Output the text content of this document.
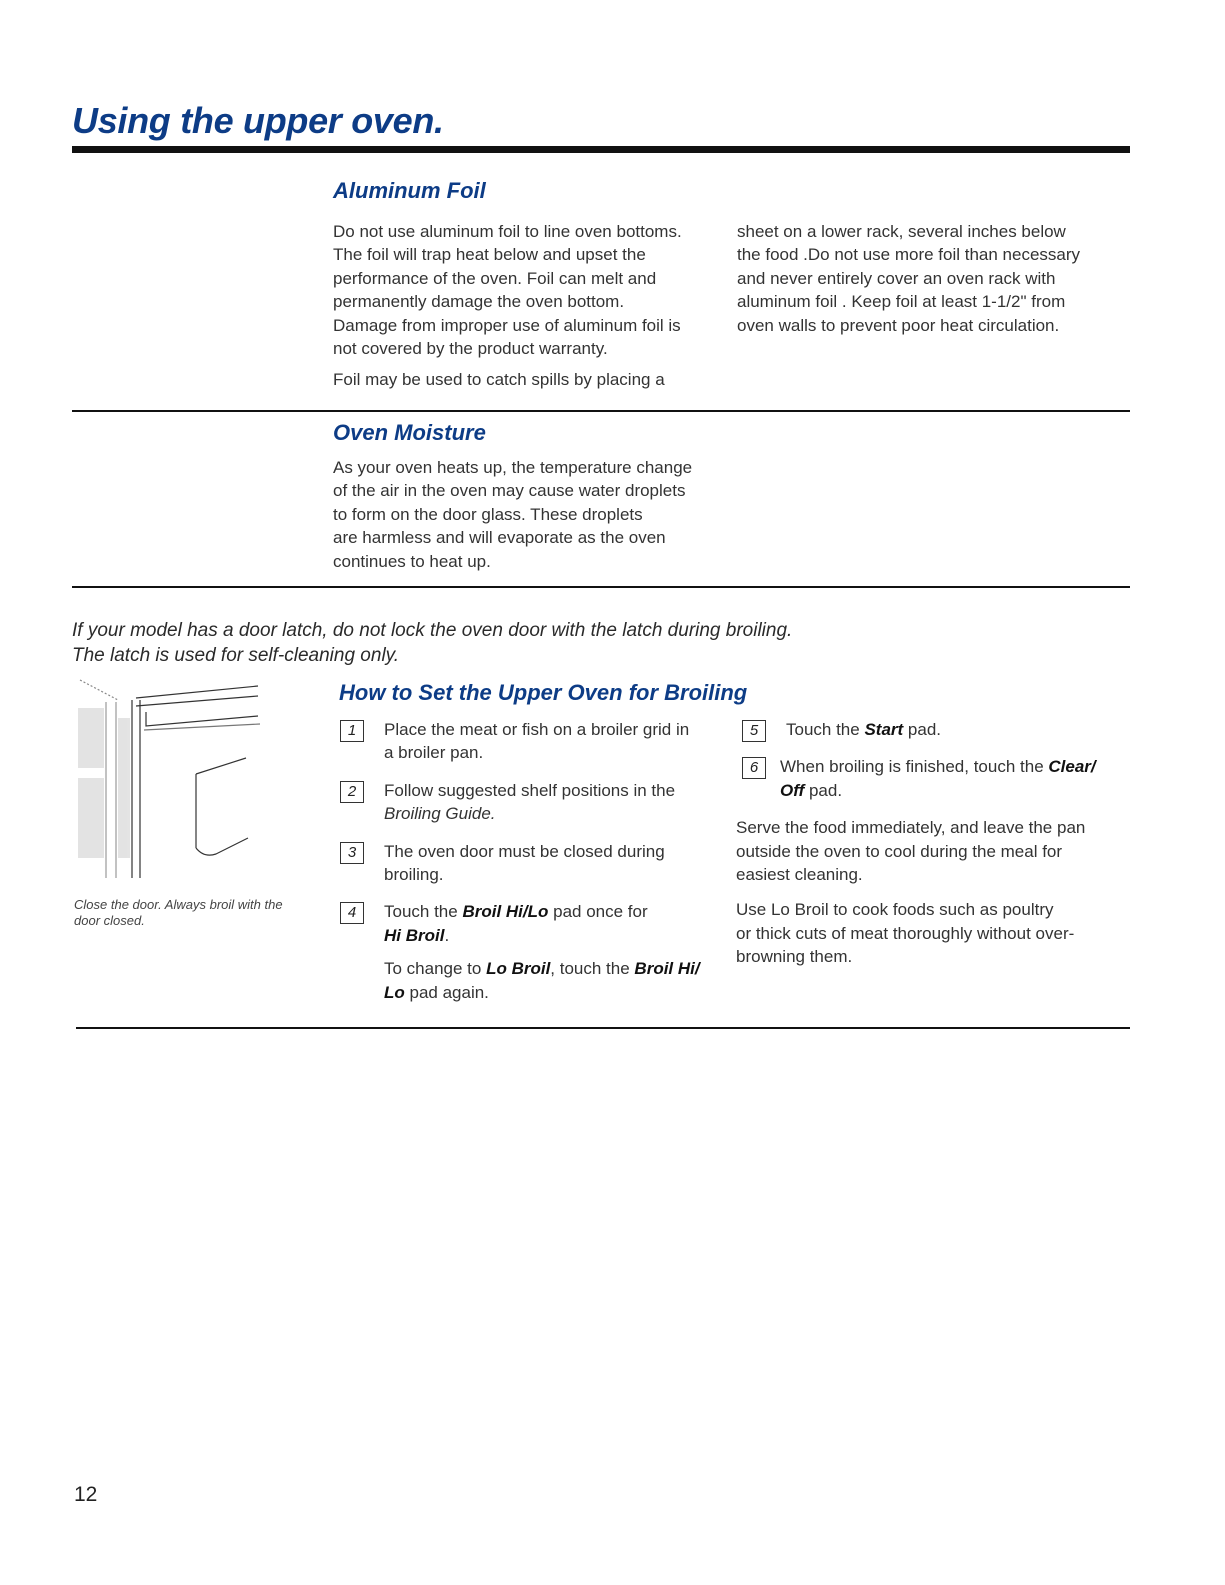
Using the upper oven.
Aluminum Foil

Do not use aluminum foil to line oven bottoms.
The foil will trap heat below and upset the
performance of the oven. Foil can melt and
permanently damage the oven bottom.
Damage from improper use of aluminum foil is
not covered by the product warranty.

Foil may be used to catch spills by placing a

sheet on a lower rack, several inches below
the food .Do not use more foil than necessary
and never entirely cover an oven rack with
aluminum foil . Keep foil at least 1-1/2" from
oven walls to prevent poor heat circulation.

Oven Moisture

As your oven heats up, the temperature change
of the air in the oven may cause water droplets
to form on the door glass. These droplets
are harmless and will evaporate as the oven
continues to heat up.

If your model has a door latch, do not lock the oven door with the latch during broiling.

The latch is used for self-cleaning only.

Close the door. Always broil with the door closed.
How to Set the Upper Oven for Broiling
1	Place the meat or fish on a broiler grid in

a broiler pan.

2	Follow suggested shelf positions in the

Broiling Guide.

3	The oven door must be closed during

broiling.

4	Touch the Broil Hi/Lo pad once for

Hi Broil.

To change to Lo Broil, touch the Broil Hi/

Lo pad again.

5	Touch the Start pad.

6	When broiling is finished, touch the Clear/

Off pad.

Serve the food immediately, and leave the pan
outside the oven to cool during the meal for
easiest cleaning.

Use Lo Broil to cook foods such as poultry
or thick cuts of meat thoroughly without over-
browning them.

12
